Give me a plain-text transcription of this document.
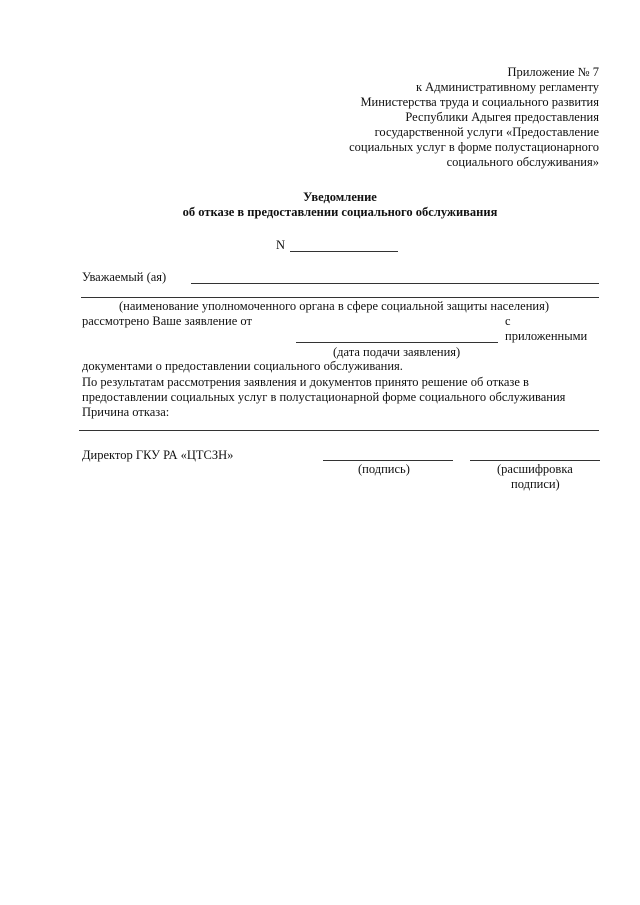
Приложение № 7
к Административному регламенту
Министерства труда и социального развития
Республики Адыгея предоставления
государственной услуги «Предоставление
социальных услуг в форме полустационарного
социального обслуживания»
Уведомление
об отказе в предоставлении социального обслуживания
N
Уважаемый (ая)
(наименование уполномоченного органа в сфере социальной защиты населения)
рассмотрено Ваше заявление от	с
приложенными
(дата подачи заявления)
документами о предоставлении социального обслуживания.
По результатам рассмотрения заявления и документов принято решение об отказе в
предоставлении социальных услуг в полустационарной форме социального обслуживания
Причина отказа:
Директор ГКУ РА «ЦТСЗН»
(подпись)	(расшифровка
подписи)
